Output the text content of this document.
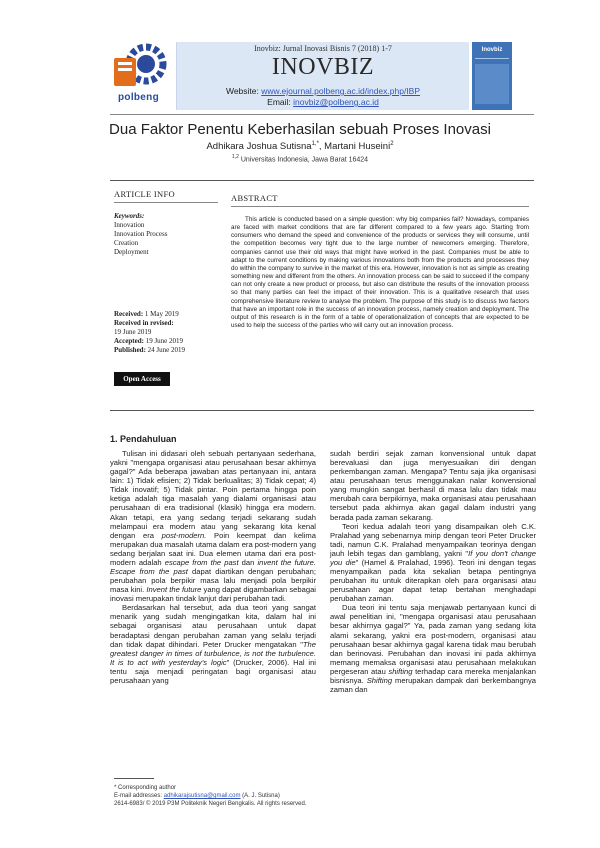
polbeng
Inovbiz: Jurnal Inovasi Bisnis 7 (2018) 1-7
INOVBIZ
Website: www.ejournal.polbeng.ac.id/index.php/IBP
Email: inovbiz@polbeng.ac.id
Inovbiz
Dua Faktor Penentu Keberhasilan sebuah Proses Inovasi
Adhikara Joshua Sutisna$^{1,*}$, Martani Huseini$^2$
$^{1,2}$ Universitas Indonesia, Jawa Barat 16424
ARTICLE INFO
Keywords:
Innovation
Innovation Process
Creation
Deployment
Received: 1 May 2019
Received in revised:
19 June 2019
Accepted: 19 June 2019
Published: 24 June 2019
Open Access
ABSTRACT
This article is conducted based on a simple question: why big companies fail? Nowadays, companies are faced with market conditions that are far different compared to a few years ago. Starting from consumers who demand the speed and convenience of the products or services they will consume, until the competition becomes very tight due to the large number of newcomers emerging. Therefore, companies cannot use their old ways that might have worked in the past. Companies must be able to adapt to the current conditions by making various innovations both from the products and processes they do within the company to survive in the market of this era. However, innovation is not as simple as creating something new and different from the others. An innovation process can be said to succeed if the company can not only create a new product or process, but also can distribute the results of the innovation process so that many parties can feel the impact of their innovation. This is a qualitative research that uses comprehensive literature review to analyse the problem. The purpose of this study is to discuss two factors that have an important role in the success of an innovation process, namely creation and deployment. The output of this research is in the form of a table of operationalization of concepts that are expected to be used to help the success of the parties who will carry out an innovation process.
1. Pendahuluan

Tulisan ini didasari oleh sebuah pertanyaan sederhana, yakni "mengapa organisasi atau perusahaan besar akhirnya gagal?" Ada beberapa jawaban atas pertanyaan ini, antara lain: 1) Tidak efisien; 2) Tidak berkualitas; 3) Tidak cepat; 4) Tidak inovatif; 5) Tidak pintar. Poin pertama hingga poin ketiga adalah tiga masalah yang dialami organisasi atau perusahaan di era tradisional (klasik) hingga era modern. Akan tetapi, era yang sedang terjadi sekarang sudah melampaui era modern atau yang sekarang kita kenal dengan era post-modern. Poin keempat dan kelima merupakan dua masalah utama dalam era post-modern yang sedang berjalan saat ini. Dua elemen utama dari era post-modern adalah escape from the past dan invent the future. Escape from the past dapat diartikan dengan perubahan; perubahan pola berpikir masa lalu menjadi pola berpikir masa kini. Invent the future yang dapat digambarkan sebagai inovasi merupakan tindak lanjut dari perubahan tadi.

Berdasarkan hal tersebut, ada dua teori yang sangat menarik yang sudah mengingatkan kita, dalam hal ini sebagai organisasi atau perusahaan untuk dapat beradaptasi dengan perubahan zaman yang selalu terjadi dan tidak dapat dihindari. Peter Drucker mengatakan "The greatest danger in times of turbulence, is not the turbulence. It is to act with yesterday's logic" (Drucker, 2006). Hal ini tentu saja menjadi peringatan bagi organisasi atau perusahaan yang

sudah berdiri sejak zaman konvensional untuk dapat berevaluasi dan juga menyesuaikan diri dengan perkembangan zaman. Mengapa? Tentu saja jika organisasi atau perusahaan terus menggunakan nalar konvensional yang mungkin sangat berhasil di masa lalu dan tidak mau merubah cara berpikirnya, maka organisasi atau perusahaan tersebut pada akhirnya akan gagal dalam industri yang berada pada zaman sekarang.

Teori kedua adalah teori yang disampaikan oleh C.K. Pralahad yang sebenarnya mirip dengan teori Peter Drucker tadi, namun C.K. Pralahad menyampaikan teorinya dengan jauh lebih tegas dan gamblang, yakni "If you don't change you die" (Hamel & Pralahad, 1996). Teori ini dengan tegas menyampaikan pada kita sekalian betapa pentingnya perubahan itu untuk diterapkan oleh para organisasi atau perusahaan agar dapat tetap bertahan menghadapi perubahan zaman.

Dua teori ini tentu saja menjawab pertanyaan kunci di awal penelitian ini, "mengapa organisasi atau perusahaan besar akhirnya gagal?" Ya, pada zaman yang sedang kita alami sekarang, yakni era post-modern, organisasi atau perusahaan besar akhirnya gagal karena tidak mau berubah dan berinovasi. Perubahan dan inovasi ini pada akhirnya memang memaksa organisasi atau perusahaan melakukan pergeseran atau shifting terhadap cara mereka menjalankan bisnisnya. Shifting merupakan dampak dari berkembangnya zaman dan

* Corresponding author
E-mail addresses: adhikarajsutisna@gmail.com (A. J. Sutisna)
2614-6983/ © 2019 P3M Politeknik Negeri Bengkalis. All rights reserved.
